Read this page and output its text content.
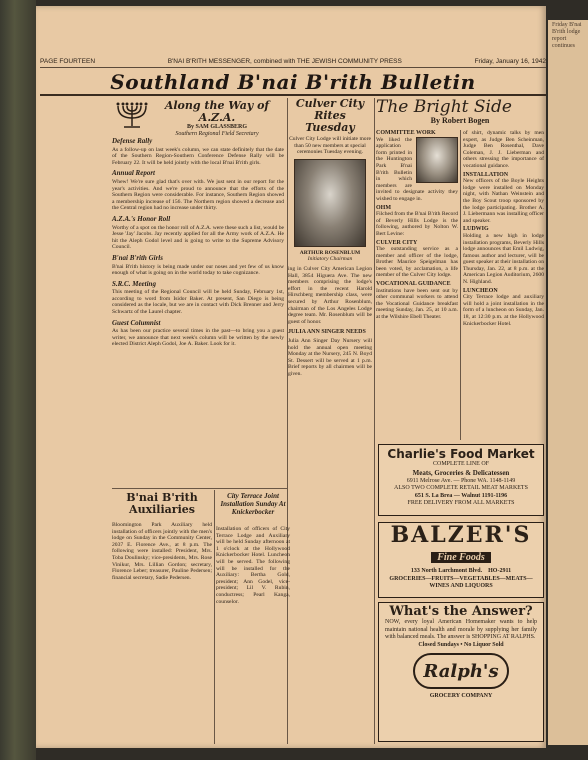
Friday B'nai B'rith lodge report continues

PAGE FOURTEEN	B'NAI B'RITH MESSENGER, combined with THE JEWISH COMMUNITY PRESS	Friday, January 16, 1942
Southland B'nai B'rith Bulletin
Along the Way of A.Z.A.
By SAM GLASSBERG
Southern Regional Field Secretary
Defense Rally

As a follow-up on last week's column, we can state definitely that the date of the Southern Region-Southern Conference Defense Rally will be February 22. It will be held jointly with the local B'nai B'rith girls.

Annual Report

Whew! We're sure glad that's over with. We just sent in our report for the year's activities. And we're proud to announce that the efforts of the Southern Region were considerable. For instance, Southern Region showed a membership increase of 156. The Northern region showed a decrease and the Central region had no increase under thirty.

A.Z.A.'s Honor Roll

Worthy of a spot on the honor roll of A.Z.A. were these such a list, would be Jesse 'Jay' Jacobs. Jay recently applied for all the Army work of A.Z.A. He hit the Aleph Godol level and is going to write to the Supreme Advisory Council.

B'nai B'rith Girls

B'nai B'rith history is being made under our noses and yet few of us know enough of what is going on in the world today to take cognizance.

S.R.C. Meeting

This meeting of the Regional Council will be held Sunday, February 1st, according to word from Isidor Baker. At present, San Diego is being considered as the locale, but we are in contact with Dick Brenner and Jerry Schwartz of the Laurel chapter.

Guest Columnist

As has been our practice several times in the past—to bring you a guest writer, we announce that next week's column will be written by the newly elected District Aleph Godol, Joe A. Baker. Look for it.

B'nai B'rith Auxiliaries

Bloomington Park Auxiliary held installation of officers jointly with the men's lodge on Sunday in the Community Center, 2037 E. Florence Ave., at 8 p.m. The following were installed: President, Mrs. Toba Doulinsky; vice-presidents, Mrs. Rose Vinikur, Mrs. Lillian Gordon; secretary, Florence Leber; treasurer, Pauline Pedersen; financial secretary, Sadie Pedersen.

City Terrace Joint Installation Sunday At Knickerbocker

Installation of officers of City Terrace Lodge and Auxiliary will be held Sunday afternoon at 1 o'clock at the Hollywood Knickerbocker Hotel. Luncheon will be served. The following will be installed for the Auxiliary: Bertha Gold, president; Ann Godel, vice-president; Lil V. Rubin, conductress; Pearl Kanga, counselor.

Culver City Rites Tuesday

Culver City Lodge will initiate more than 50 new members at special ceremonies Tuesday evening.

ARTHUR ROSENBLUM
Initiatory Chairman

ing in Culver City American Legion Hall, 3854 Higuera Ave. The new members comprising the lodge's effort in the recent Harold Hirschberg membership class, were secured by Arthur Rosenblum, chairman of the Los Angeles Lodge degree team. Mr. Rosenblum will be guest of honor.

JULIA ANN SINGER NEEDS

Julia Ann Singer Day Nursery will hold the annual open meeting Monday at the Nursery, 245 N. Boyd St. Dessert will be served at 1 p.m. Brief reports by all chairmen will be given.

The Bright Side
By Robert Bogen
COMMITTEE WORK

We liked the application form printed in the Huntington Park B'nai B'rith Bulletin in which members are invited to designate activity they wished to engage in.

OHM

Filched from the B'nai B'rith Record of Beverly Hills Lodge is the following, authored by Nolton W. Bert Levine:

CULVER CITY

The outstanding service as a member and officer of the lodge, Brother Maurice Speigelman has been voted, by acclamation, a life member of the Culver City lodge.

VOCATIONAL GUIDANCE

Institutions have been sent out by other communal workers to attend the Vocational Guidance breakfast meeting Sunday, Jan. 25, at 10 a.m. at the Wilshire Ebell Theater.

of shirt, dynamic talks by men expert, as Judge Ben Scheinman, Judge Ben Rosenthal, Dave Coleman, J. J. Lieberman and others stressing the importance of vocational guidance.

INSTALLATION

New officers of the Boyle Heights lodge were installed on Monday night, with Nathan Weinstein and the Boy Scout troop sponsored by the lodge participating. Brother A. J. Liebermann was installing officer and speaker.

LUDWIG

Holding a new high in lodge installation programs, Beverly Hills lodge announces that Emil Ludwig, famous author and lecturer, will be guest speaker at their installation on Thursday, Jan. 22, at 8 p.m. at the American Legion Auditorium, 2600 N. Highland.

LUNCHEON

City Terrace lodge and auxiliary will hold a joint installation in the form of a luncheon on Sunday, Jan. 18, at 12:30 p.m. at the Hollywood Knickerbocker Hotel.

Charlie's Food Market
COMPLETE LINE OF
Meats, Groceries & Delicatessen
6911 Melrose Ave. — Phone WA. 1148-1149
ALSO TWO COMPLETE RETAIL MEAT MARKETS
651 S. La Brea — Walnut 1191-1196
FREE DELIVERY FROM ALL MARKETS
BALZER'S
Fine Foods
133 North Larchmont Blvd. HO-2911
GROCERIES—FRUITS—VEGETABLES—MEATS—WINES AND LIQUORS
What's the Answer?
NOW, every loyal American Homemaker wants to help maintain national health and morale by supplying her family with balanced meals. The answer is SHOPPING AT RALPHS.
Closed Sundays • No Liquor Sold
Ralph's
GROCERY COMPANY
